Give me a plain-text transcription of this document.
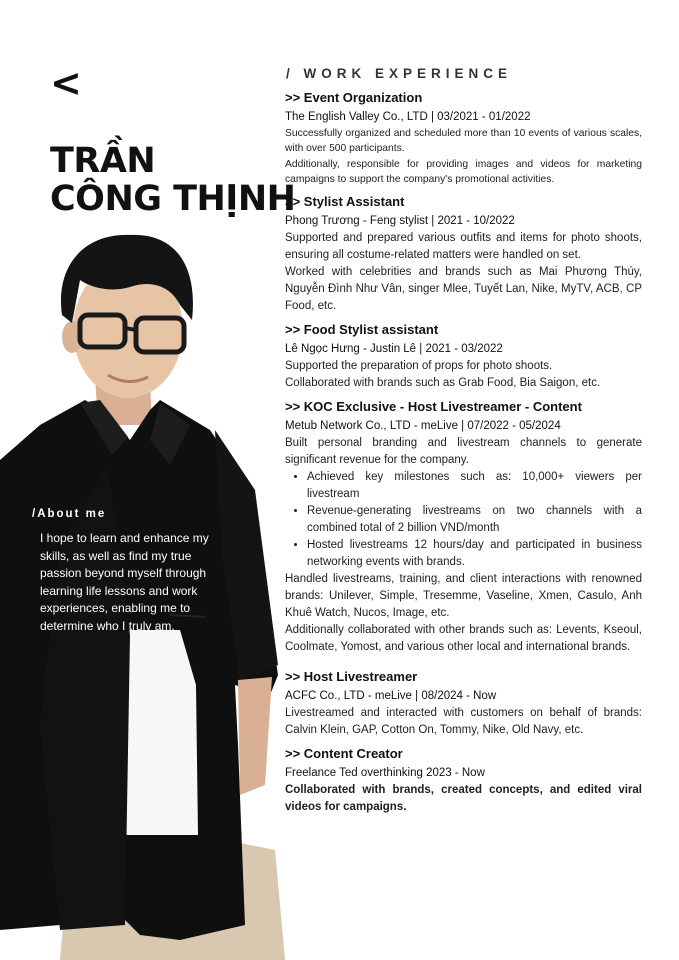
<
TRẦN
CÔNG THỊNH
/About me

I hope to learn and enhance my skills, as well as find my true passion beyond myself through learning life lessons and work experiences, enabling me to determine who I truly am.

/ WORK EXPERIENCE

>> Event Organization

The English Valley Co., LTD | 03/2021 - 01/2022

Successfully organized and scheduled more than 10 events of various scales, with over 500 participants.

Additionally, responsible for providing images and videos for marketing campaigns to support the company's promotional activities.

>> Stylist Assistant

Phong Trương - Feng stylist | 2021 - 10/2022

Supported and prepared various outfits and items for photo shoots, ensuring all costume-related matters were handled on set.

Worked with celebrities and brands such as Mai Phương Thúy, Nguyễn Đình Như Vân, singer Mlee, Tuyết Lan, Nike, MyTV, ACB, CP Food, etc.

>> Food Stylist assistant

Lê Ngọc Hưng - Justin Lê | 2021 - 03/2022

Supported the preparation of props for photo shoots.

Collaborated with brands such as Grab Food, Bia Saigon, etc.

>> KOC Exclusive - Host Livestreamer - Content

Metub Network Co., LTD - meLive | 07/2022 - 05/2024

Built personal branding and livestream channels to generate significant revenue for the company.

• Achieved key milestones such as: 10,000+ viewers per livestream
• Revenue-generating livestreams on two channels with a combined total of 2 billion VND/month
• Hosted livestreams 12 hours/day and participated in business networking events with brands.

Handled livestreams, training, and client interactions with renowned brands: Unilever, Simple, Tresemme, Vaseline, Xmen, Casulo, Anh Khuê Watch, Nucos, Image, etc.

Additionally collaborated with other brands such as: Levents, Kseoul, Coolmate, Yomost, and various other local and international brands.

>> Host Livestreamer

ACFC Co., LTD - meLive | 08/2024 - Now

Livestreamed and interacted with customers on behalf of brands: Calvin Klein, GAP, Cotton On, Tommy, Nike, Old Navy, etc.

>> Content Creator

Freelance Ted overthinking 2023 - Now

Collaborated with brands, created concepts, and edited viral videos for campaigns.
